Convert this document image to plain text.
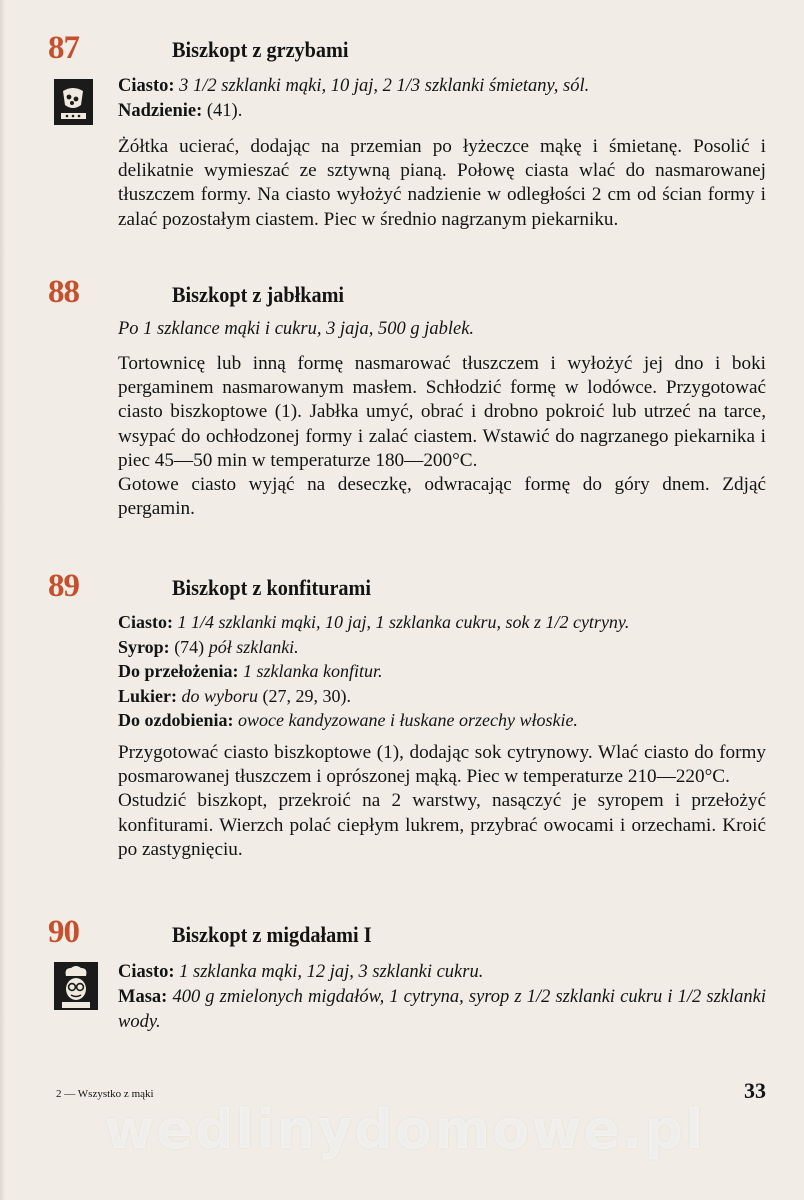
87	Biszkopt z grzybami
Ciasto: 3 1/2 szklanki mąki, 10 jaj, 2 1/3 szklanki śmietany, sól.
Nadzienie: (41).

Żółtka ucierać, dodając na przemian po łyżeczce mąkę i śmietanę. Posolić i delikatnie wymieszać ze sztywną pianą. Połowę ciasta wlać do nasmarowanej tłuszczem formy. Na ciasto wyłożyć nadzienie w odległości 2 cm od ścian formy i zalać pozostałym ciastem. Piec w średnio nagrzanym piekarniku.

88	Biszkopt z jabłkami
Po 1 szklance mąki i cukru, 3 jaja, 500 g jablek.

Tortownicę lub inną formę nasmarować tłuszczem i wyłożyć jej dno i boki pergaminem nasmarowanym masłem. Schłodzić formę w lodówce. Przygotować ciasto biszkoptowe (1). Jabłka umyć, obrać i drobno pokroić lub utrzeć na tarce, wsypać do ochłodzonej formy i zalać ciastem. Wstawić do nagrzanego piekarnika i piec 45—50 min w temperaturze 180—200°C.

Gotowe ciasto wyjąć na deseczkę, odwracając formę do góry dnem. Zdjąć pergamin.

89	Biszkopt z konfiturami
Ciasto: 1 1/4 szklanki mąki, 10 jaj, 1 szklanka cukru, sok z 1/2 cytryny.
Syrop: (74) pół szklanki.
Do przełożenia: 1 szklanka konfitur.
Lukier: do wyboru (27, 29, 30).
Do ozdobienia: owoce kandyzowane i łuskane orzechy włoskie.

Przygotować ciasto biszkoptowe (1), dodając sok cytrynowy. Wlać ciasto do formy posmarowanej tłuszczem i oprószonej mąką. Piec w temperaturze 210—220°C.

Ostudzić biszkopt, przekroić na 2 warstwy, nasączyć je syropem i przełożyć konfiturami. Wierzch polać ciepłym lukrem, przybrać owocami i orzechami. Kroić po zastygnięciu.

90	Biszkopt z migdałami I
Ciasto: 1 szklanka mąki, 12 jaj, 3 szklanki cukru.
Masa: 400 g zmielonych migdałów, 1 cytryna, syrop z 1/2 szklanki cukru i 1/2 szklanki wody.
2 — Wszystko z mąki	33
wedlinydomowe.pl
